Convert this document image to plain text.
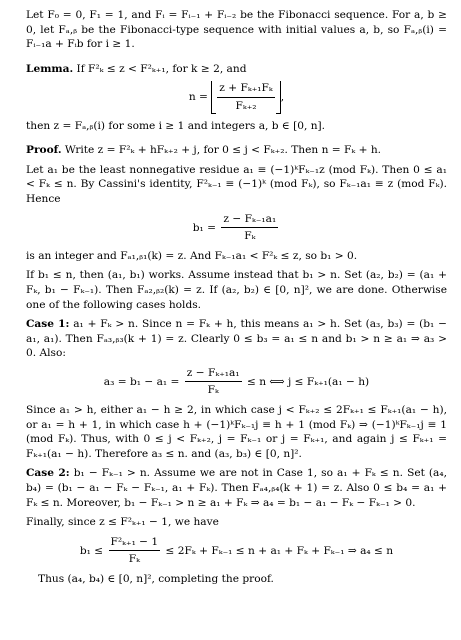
Let F₀ = 0, F₁ = 1, and Fᵢ = Fᵢ₋₁ + Fᵢ₋₂ be the Fibonacci sequence. For a, b ≥ 0, let Fₐ,ᵦ be the Fibonacci-type sequence with initial values a, b, so Fₐ,ᵦ(i) = Fᵢ₋₁a + Fᵢb for i ≥ 1.

Lemma. If F²ₖ ≤ z < F²ₖ₊₁, for k ≥ 2, and

$n = \frac{\text{z + Fₖ₊₁Fₖ}}{\text{Fₖ₊₂}}$ ,

then z = Fₐ,ᵦ(i) for some i ≥ 1 and integers a, b ∈ [0, n].

Proof. Write z = F²ₖ + hFₖ₊₂ + j, for 0 ≤ j < Fₖ₊₂. Then n = Fₖ + h.

Let a₁ be the least nonnegative residue a₁ ≡ (−1)ᵏFₖ₋₁z (mod Fₖ). Then 0 ≤ a₁ < Fₖ ≤ n. By Cassini's identity, F²ₖ₋₁ ≡ (−1)ᵏ (mod Fₖ), so Fₖ₋₁a₁ ≡ z (mod Fₖ). Hence

$b_1 = \frac{\text{z − Fₖ₋₁a₁}}{\text{Fₖ}}$

is an integer and Fₐ₁,ᵦ₁(k) = z. And Fₖ₋₁a₁ < F²ₖ ≤ z, so b₁ > 0.

If b₁ ≤ n, then (a₁, b₁) works. Assume instead that b₁ > n. Set (a₂, b₂) = (a₁ + Fₖ, b₁ − Fₖ₋₁). Then Fₐ₂,ᵦ₂(k) = z. If (a₂, b₂) ∈ [0, n]², we are done. Otherwise one of the following cases holds.

Case 1: a₁ + Fₖ > n. Since n = Fₖ + h, this means a₁ > h. Set (a₃, b₃) = (b₁ − a₁, a₁). Then Fₐ₃,ᵦ₃(k + 1) = z. Clearly 0 ≤ b₃ = a₁ ≤ n and b₁ > n ≥ a₁ ⇒ a₃ > 0. Also:

$a_3 = b_1 - a_1 = \frac{\text{z − Fₖ₊₁a₁}}{\text{Fₖ}} \le n$ ⟺ j ≤ Fₖ₊₁(a₁ − h)

Since a₁ > h, either a₁ − h ≥ 2, in which case j < Fₖ₊₂ ≤ 2Fₖ₊₁ ≤ Fₖ₊₁(a₁ − h), or a₁ = h + 1, in which case h + (−1)ᵏFₖ₋₁j ≡ h + 1 (mod Fₖ) ⇒ (−1)ᵏFₖ₋₁j ≡ 1 (mod Fₖ). Thus, with 0 ≤ j < Fₖ₊₂, j = Fₖ₋₁ or j = Fₖ₊₁, and again j ≤ Fₖ₊₁ = Fₖ₊₁(a₁ − h). Therefore a₃ ≤ n. and (a₃, b₃) ∈ [0, n]².

Case 2: b₁ − Fₖ₋₁ > n. Assume we are not in Case 1, so a₁ + Fₖ ≤ n. Set (a₄, b₄) = (b₁ − a₁ − Fₖ − Fₖ₋₁, a₁ + Fₖ). Then Fₐ₄,ᵦ₄(k + 1) = z. Also 0 ≤ b₄ = a₁ + Fₖ ≤ n. Moreover, b₁ − Fₖ₋₁ > n ≥ a₁ + Fₖ ⇒ a₄ = b₁ − a₁ − Fₖ − Fₖ₋₁ > 0.

Finally, since z ≤ F²ₖ₊₁ − 1, we have

$b_1 \le \frac{\text{F²ₖ₊₁ − 1}}{\text{Fₖ}} \le 2F_k + F_{k-1} \le n + a_1 + F_k + F_{k-1}$ ⇒ a₄ ≤ n

Thus (a₄, b₄) ∈ [0, n]², completing the proof.
